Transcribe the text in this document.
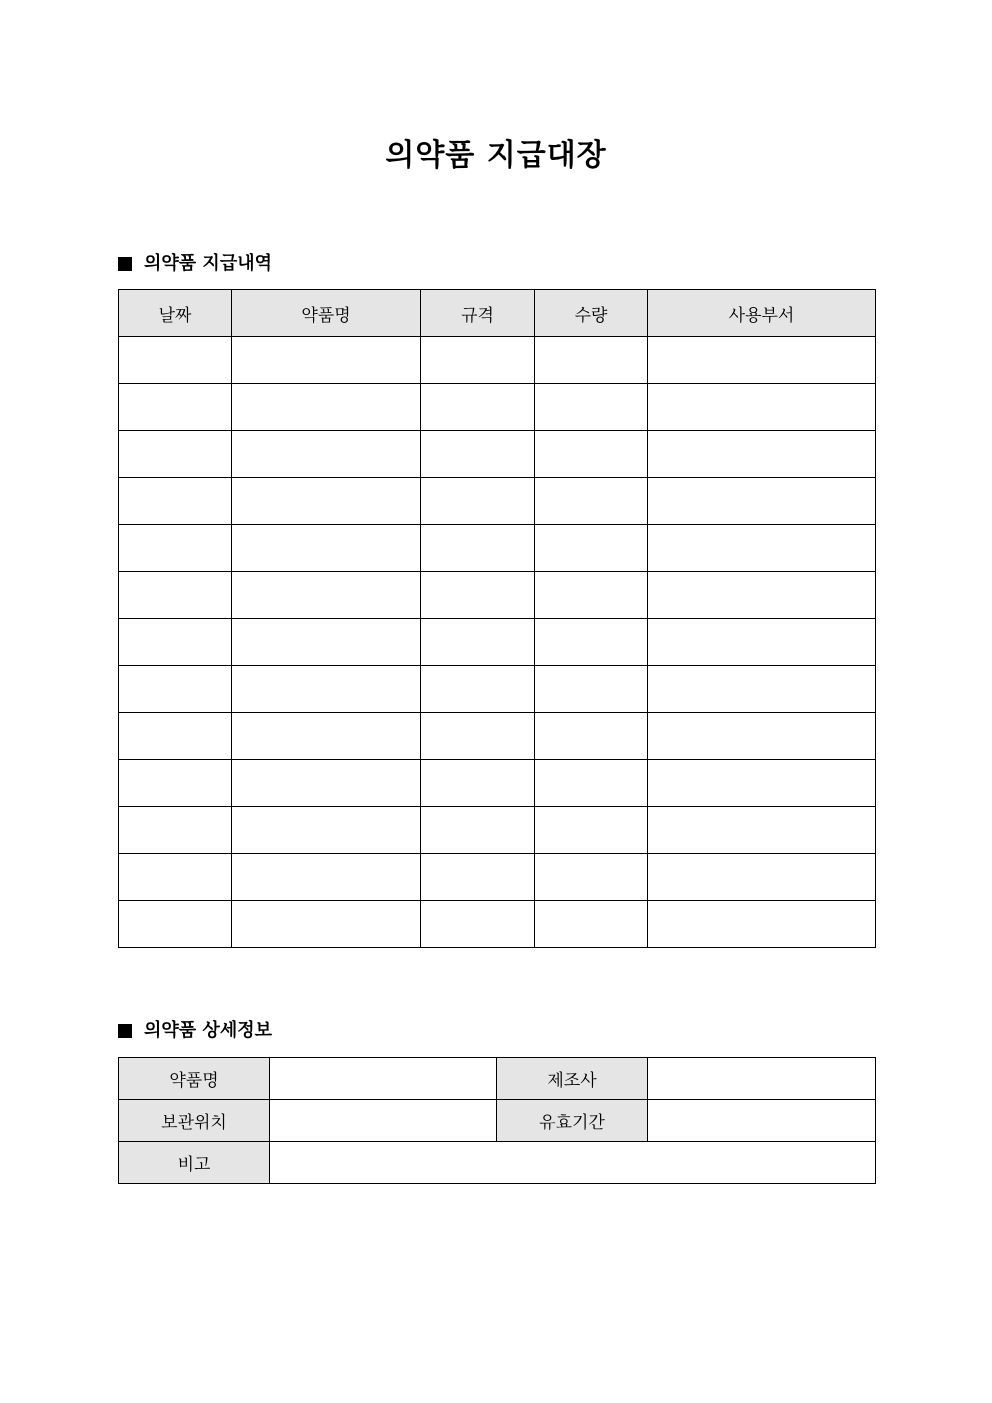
의약품 지급대장
의약품 지급내역
날짜	약품명	규격	수량	사용부서

의약품 상세정보
약품명		제조사	
보관위치		유효기간	
비고			
